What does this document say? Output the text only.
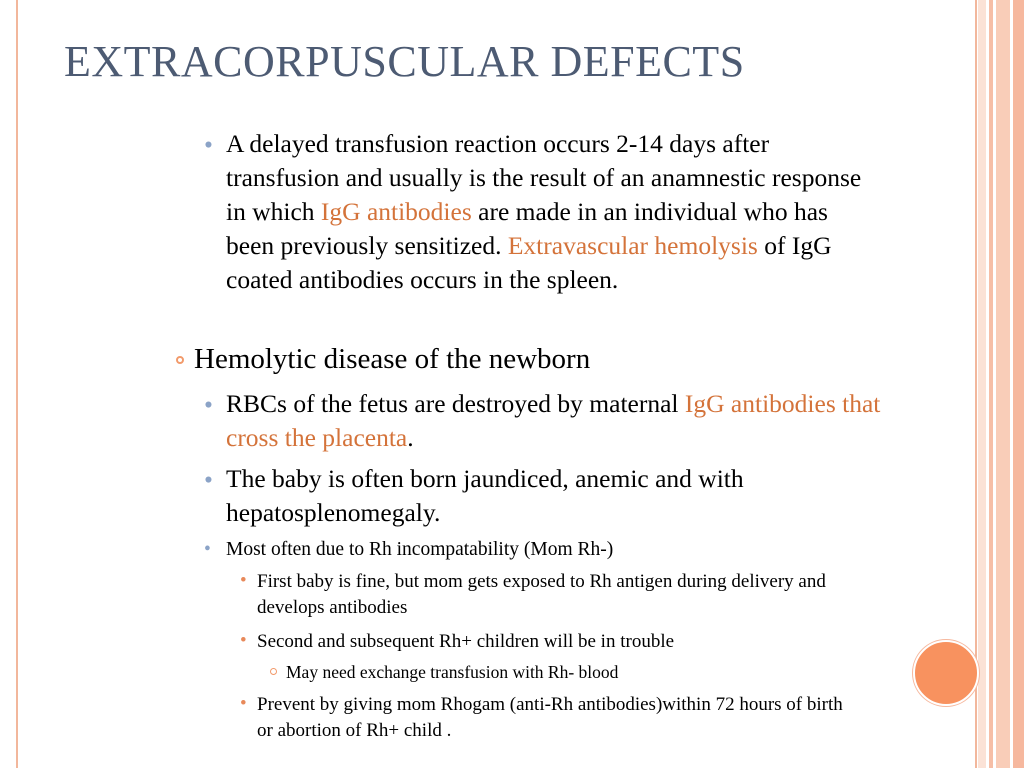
EXTRACORPUSCULAR DEFECTS
• A delayed transfusion reaction occurs 2-14 days after transfusion and usually is the result of an anamnestic response in which IgG antibodies are made in an individual who has been previously sensitized. Extravascular hemolysis of IgG coated antibodies occurs in the spleen.
Hemolytic disease of the newborn
• RBCs of the fetus are destroyed by maternal IgG antibodies that cross the placenta.
• The baby is often born jaundiced, anemic and with hepatosplenomegaly.
• Most often due to Rh incompatability (Mom Rh-)
• First baby is fine, but mom gets exposed to Rh antigen during delivery and develops antibodies
• Second and subsequent Rh+ children will be in trouble
May need exchange transfusion with Rh- blood
• Prevent by giving mom Rhogam (anti-Rh antibodies)within 72 hours of birth or abortion of Rh+ child .
